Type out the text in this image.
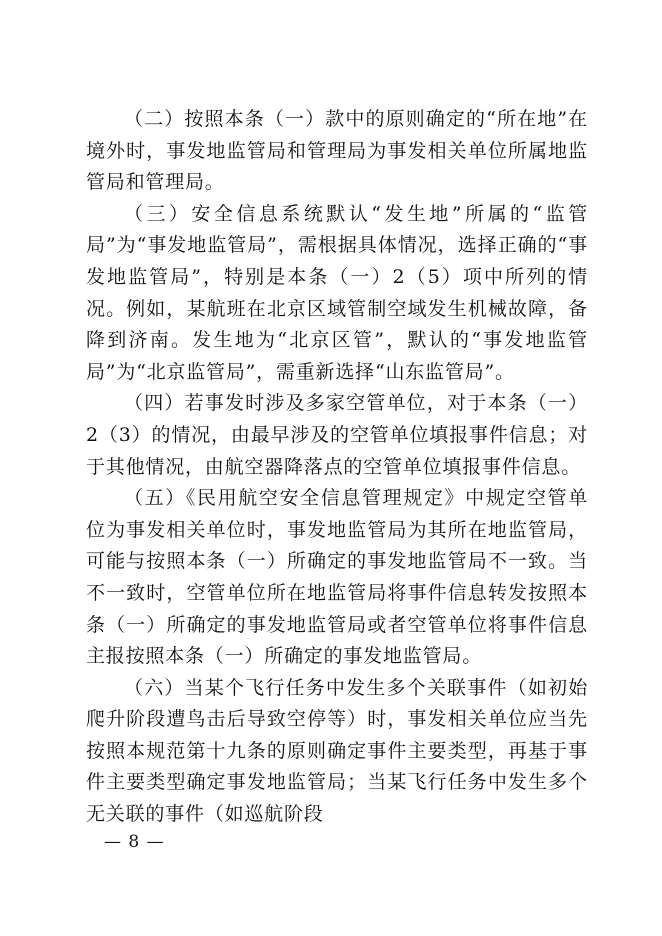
（二）按照本条（一）款中的原则确定的“所在地”在境外时，事发地监管局和管理局为事发相关单位所属地监管局和管理局。

（三）安全信息系统默认“发生地”所属的“监管局”为“事发地监管局”，需根据具体情况，选择正确的“事发地监管局”，特别是本条（一）2（5）项中所列的情况。例如，某航班在北京区域管制空域发生机械故障，备降到济南。发生地为“北京区管”，默认的“事发地监管局”为“北京监管局”，需重新选择“山东监管局”。

（四）若事发时涉及多家空管单位，对于本条（一）2（3）的情况，由最早涉及的空管单位填报事件信息；对于其他情况，由航空器降落点的空管单位填报事件信息。

（五）《民用航空安全信息管理规定》中规定空管单位为事发相关单位时，事发地监管局为其所在地监管局，可能与按照本条（一）所确定的事发地监管局不一致。当不一致时，空管单位所在地监管局将事件信息转发按照本条（一）所确定的事发地监管局或者空管单位将事件信息主报按照本条（一）所确定的事发地监管局。

（六）当某个飞行任务中发生多个关联事件（如初始爬升阶段遭鸟击后导致空停等）时，事发相关单位应当先按照本规范第十九条的原则确定事件主要类型，再基于事件主要类型确定事发地监管局；当某飞行任务中发生多个无关联的事件（如巡航阶段

— 8 —
